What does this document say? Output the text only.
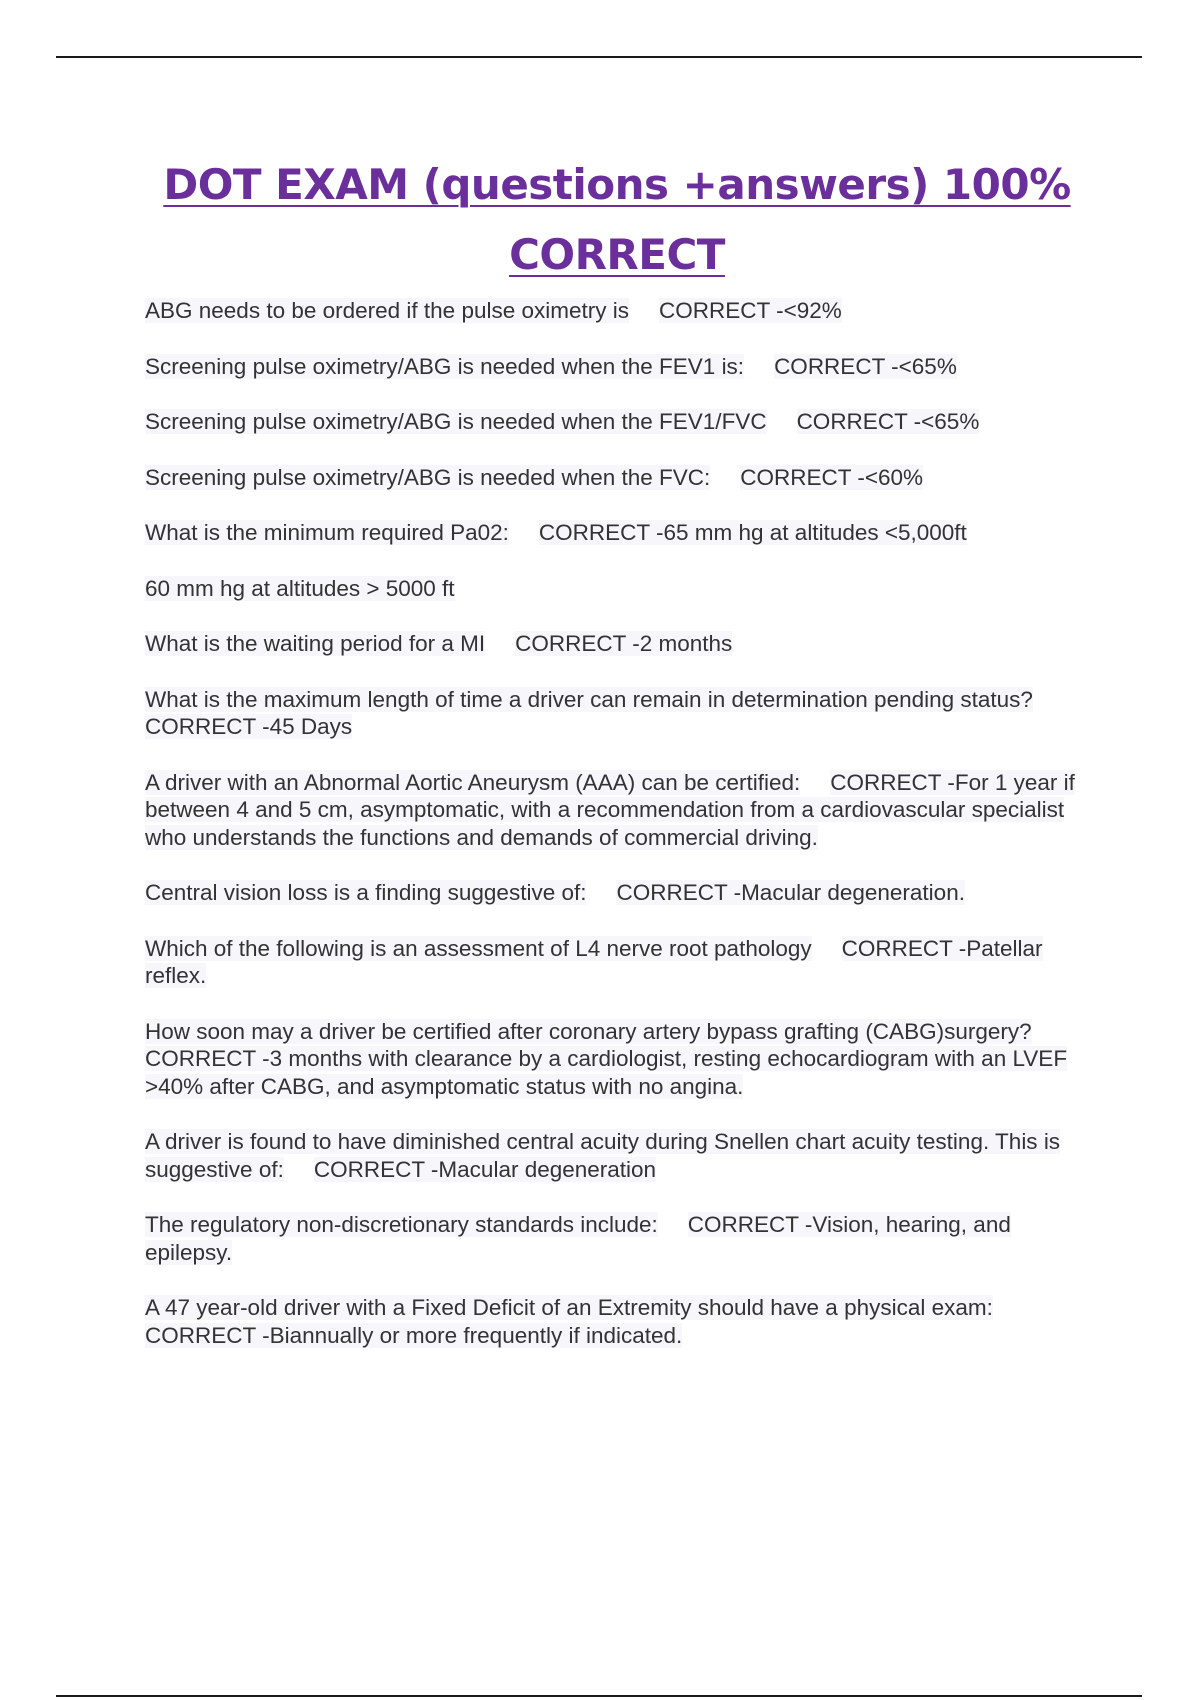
DOT EXAM (questions +answers) 100%
CORRECT

ABG needs to be ordered if the pulse oximetry is CORRECT -<92%

Screening pulse oximetry/ABG is needed when the FEV1 is: CORRECT -<65%

Screening pulse oximetry/ABG is needed when the FEV1/FVC CORRECT -<65%

Screening pulse oximetry/ABG is needed when the FVC: CORRECT -<60%

What is the minimum required Pa02: CORRECT -65 mm hg at altitudes <5,000ft

60 mm hg at altitudes > 5000 ft

What is the waiting period for a MI CORRECT -2 months

What is the maximum length of time a driver can remain in determination pending status?CORRECT -45 Days

A driver with an Abnormal Aortic Aneurysm (AAA) can be certified: CORRECT -For 1 year if between 4 and 5 cm, asymptomatic, with a recommendation from a cardiovascular specialist who understands the functions and demands of commercial driving.

Central vision loss is a finding suggestive of: CORRECT -Macular degeneration.

Which of the following is an assessment of L4 nerve root pathology CORRECT -Patellar reflex.

How soon may a driver be certified after coronary artery bypass grafting (CABG)surgery?CORRECT -3 months with clearance by a cardiologist, resting echocardiogram with an LVEF >40% after CABG, and asymptomatic status with no angina.

A driver is found to have diminished central acuity during Snellen chart acuity testing. This is suggestive of: CORRECT -Macular degeneration

The regulatory non-discretionary standards include: CORRECT -Vision, hearing, and epilepsy.

A 47 year-old driver with a Fixed Deficit of an Extremity should have a physical exam:CORRECT -Biannually or more frequently if indicated.
